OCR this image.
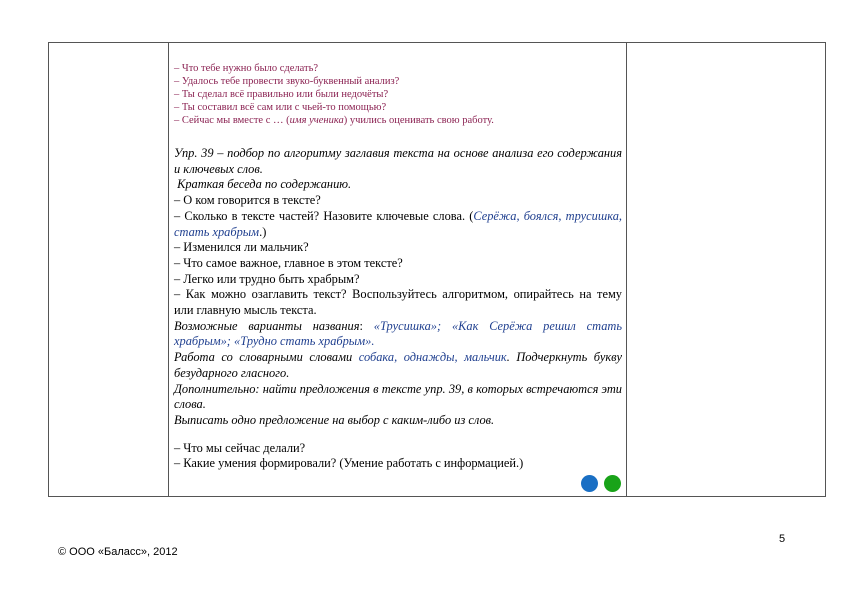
– Что тебе нужно было сделать?
– Удалось тебе провести звуко-буквенный анализ?
– Ты сделал всё правильно или были недочёты?
– Ты составил всё сам или с чьей-то помощью?
– Сейчас мы вместе с … (имя ученика) учились оценивать свою работу.
Упр. 39 – подбор по алгоритму заглавия текста на основе анализа его содержания и ключевых слов.
Краткая беседа по содержанию.
– О ком говорится в тексте?
– Сколько в тексте частей? Назовите ключевые слова. (Серёжа, боялся, трусишка, стать храбрым.)
– Изменился ли мальчик?
– Что самое важное, главное в этом тексте?
– Легко или трудно быть храбрым?
– Как можно озаглавить текст? Воспользуйтесь алгоритмом, опирайтесь на тему или главную мысль текста.
Возможные варианты названия: «Трусишка»; «Как Серёжа решил стать храбрым»; «Трудно стать храбрым».
Работа со словарными словами собака, однажды, мальчик. Подчеркнуть букву безударного гласного.
Дополнительно: найти предложения в тексте упр. 39, в которых встречаются эти слова.
Выписать одно предложение на выбор с каким-либо из слов.
– Что мы сейчас делали?
– Какие умения формировали? (Умение работать с информацией.)
5
© ООО «Баласс», 2012
